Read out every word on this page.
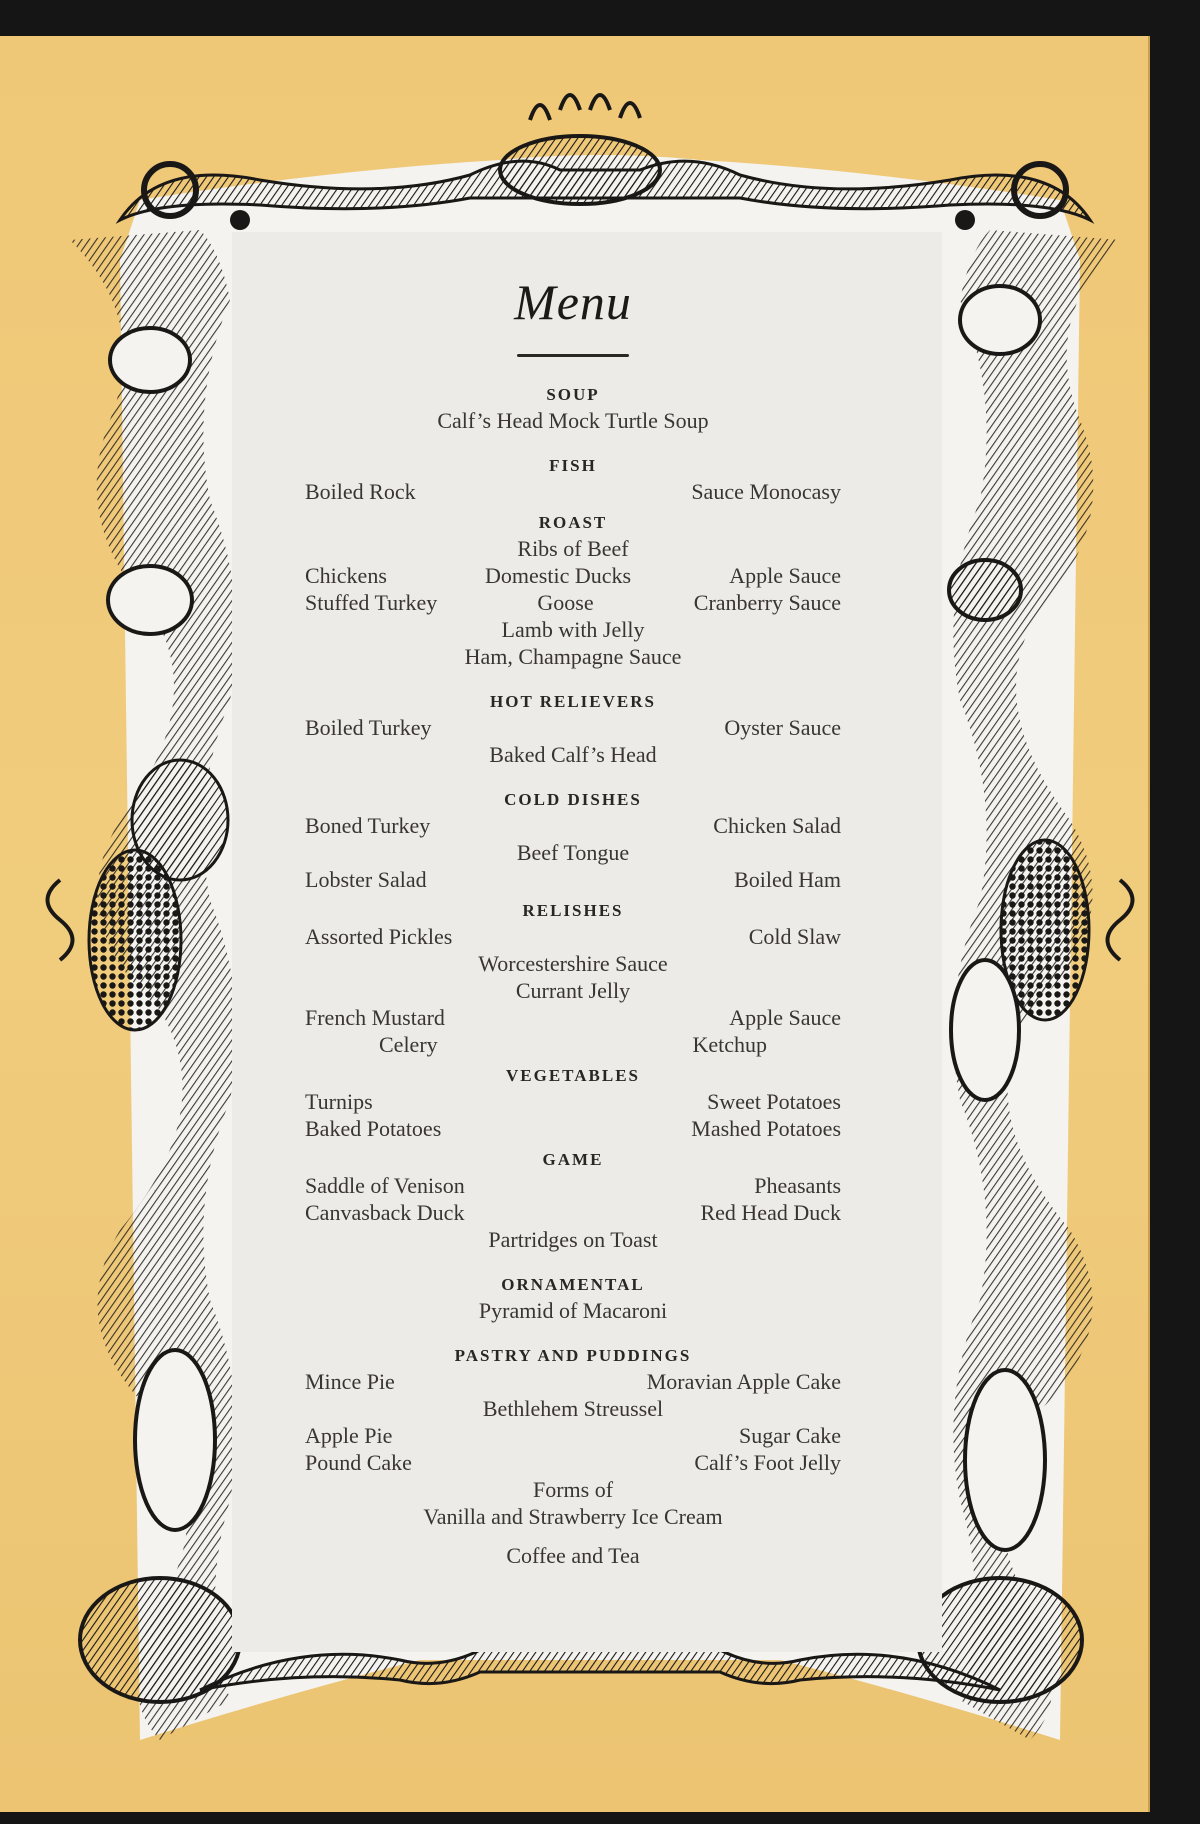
Menu
SOUP
Calf’s Head Mock Turtle Soup
FISH
Boiled Rock	Sauce Monocasy
ROAST
Ribs of Beef
Chickens	Domestic Ducks	Apple Sauce
Stuffed Turkey	Goose	Cranberry Sauce
Lamb with Jelly
Ham, Champagne Sauce
HOT RELIEVERS
Boiled Turkey	Oyster Sauce
Baked Calf’s Head
COLD DISHES
Boned Turkey	Chicken Salad
Beef Tongue
Lobster Salad	Boiled Ham
RELISHES
Assorted Pickles	Cold Slaw
Worcestershire Sauce
Currant Jelly
French Mustard	Apple Sauce
Celery	Ketchup
VEGETABLES
Turnips	Sweet Potatoes
Baked Potatoes	Mashed Potatoes
GAME
Saddle of Venison	Pheasants
Canvasback Duck	Red Head Duck
Partridges on Toast
ORNAMENTAL
Pyramid of Macaroni
PASTRY AND PUDDINGS
Mince Pie	Moravian Apple Cake
Bethlehem Streussel
Apple Pie	Sugar Cake
Pound Cake	Calf’s Foot Jelly
Forms of
Vanilla and Strawberry Ice Cream
Coffee and Tea
